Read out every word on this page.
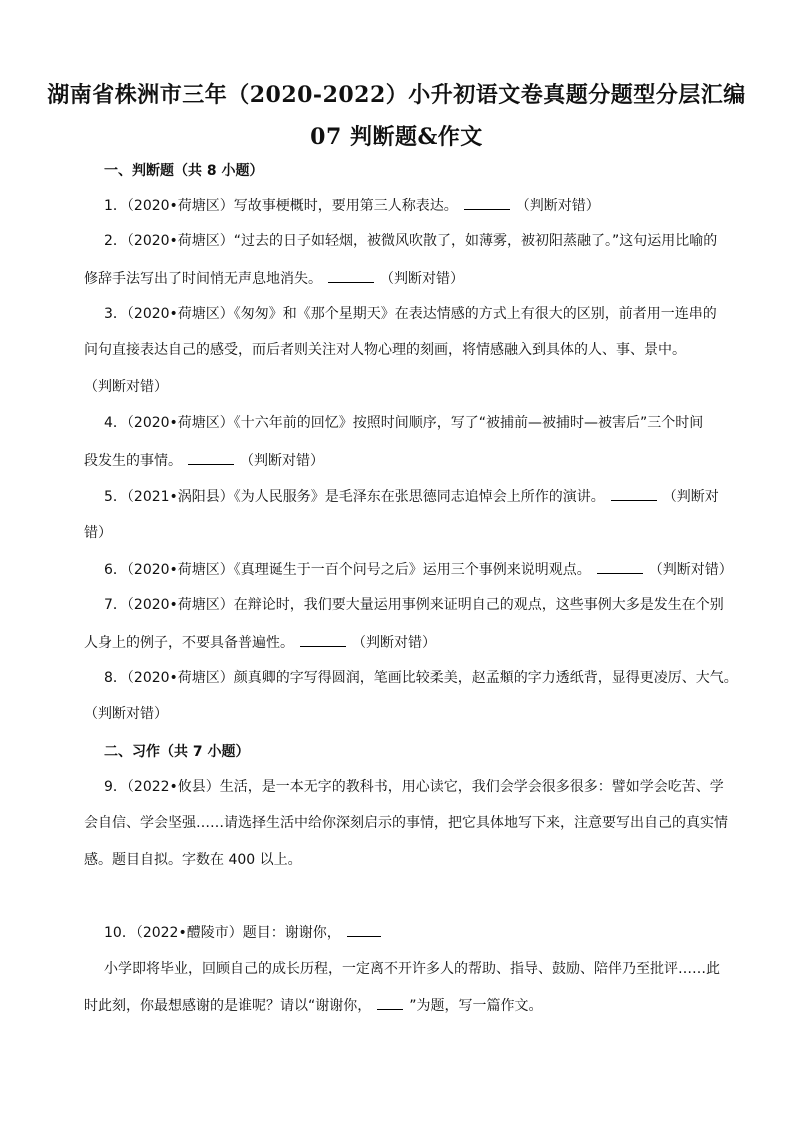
湖南省株洲市三年（2020-2022）小升初语文卷真题分题型分层汇编
07 判断题&作文
一、判断题（共 8 小题）
1．（2020•荷塘区）写故事梗概时，要用第三人称表达。	（判断对错）
2．（2020•荷塘区）“过去的日子如轻烟，被微风吹散了，如薄雾，被初阳蒸融了。”这句运用比喻的
修辞手法写出了时间悄无声息地消失。	（判断对错）
3．（2020•荷塘区）《匆匆》和《那个星期天》在表达情感的方式上有很大的区别，前者用一连串的
问句直接表达自己的感受，而后者则关注对人物心理的刻画，将情感融入到具体的人、事、景中。
（判断对错）
4．（2020•荷塘区）《十六年前的回忆》按照时间顺序，写了“被捕前—被捕时—被害后”三个时间
段发生的事情。	（判断对错）
5．（2021•涡阳县）《为人民服务》是毛泽东在张思德同志追悼会上所作的演讲。	（判断对
错）
6．（2020•荷塘区）《真理诞生于一百个问号之后》运用三个事例来说明观点。	（判断对错）
7．（2020•荷塘区）在辩论时，我们要大量运用事例来证明自己的观点，这些事例大多是发生在个别
人身上的例子，不要具备普遍性。	（判断对错）
8．（2020•荷塘区）颜真卿的字写得圆润，笔画比较柔美，赵孟頫的字力透纸背，显得更凌厉、大气。
（判断对错）
二、习作（共 7 小题）
9．（2022•攸县）生活，是一本无字的教科书，用心读它，我们会学会很多很多：譬如学会吃苦、学
会自信、学会坚强……请选择生活中给你深刻启示的事情，把它具体地写下来，注意要写出自己的真实情
感。题目自拟。字数在 400 以上。
10．（2022•醴陵市）题目：谢谢你，
小学即将毕业，回顾自己的成长历程，一定离不开许多人的帮助、指导、鼓励、陪伴乃至批评……此
时此刻，你最想感谢的是谁呢？请以“谢谢你，	”为题，写一篇作文。
